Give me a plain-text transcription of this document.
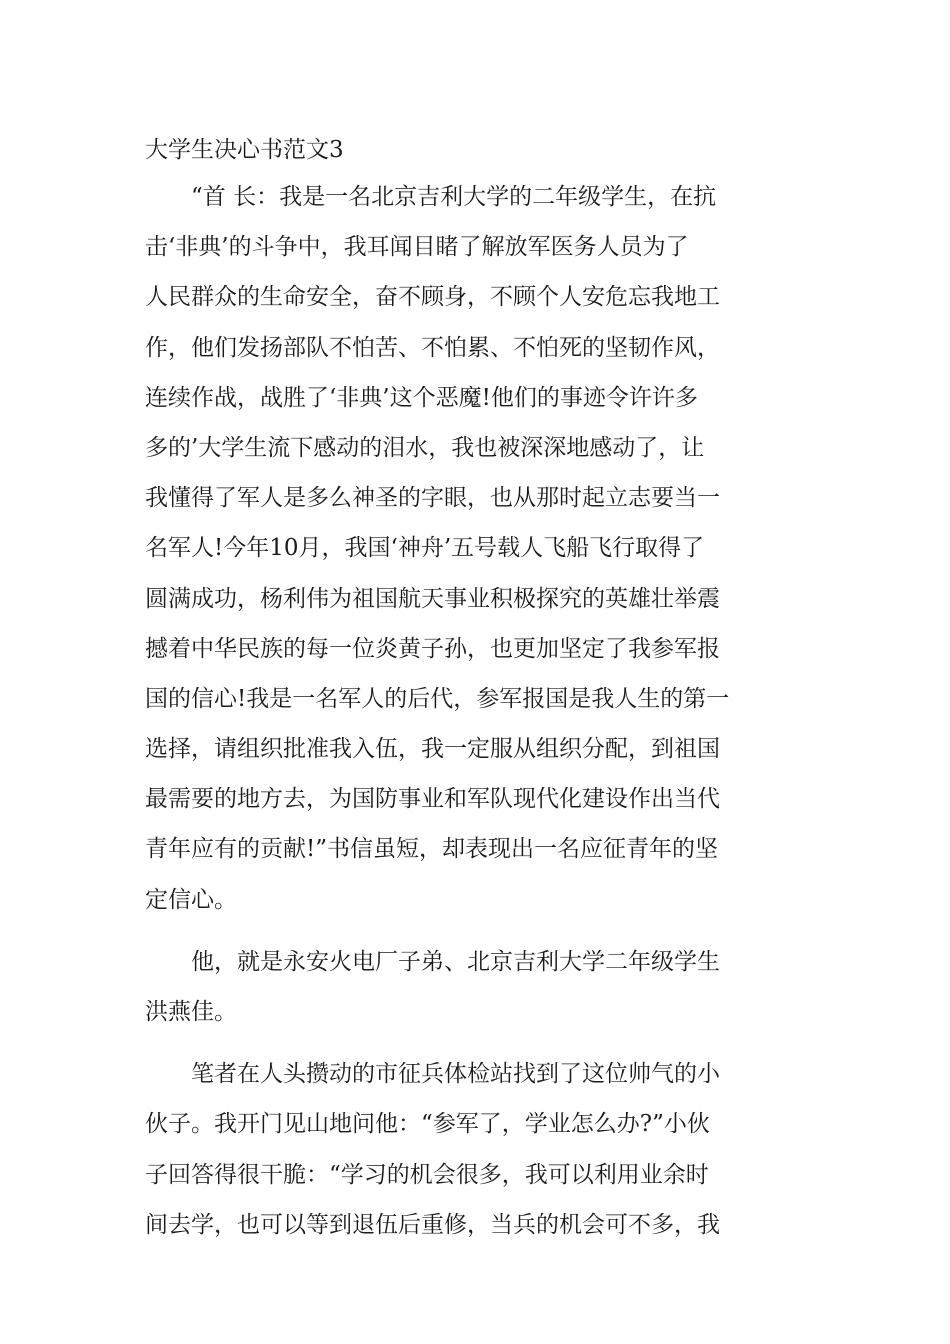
大学生决心书范文3
　　“首 长：我是一名北京吉利大学的二年级学生，在抗
击‘非典’的斗争中，我耳闻目睹了解放军医务人员为了
人民群众的生命安全，奋不顾身，不顾个人安危忘我地工
作，他们发扬部队不怕苦、不怕累、不怕死的坚韧作风，
连续作战，战胜了‘非典’这个恶魔!他们的事迹令许许多
多的’大学生流下感动的泪水，我也被深深地感动了，让
我懂得了军人是多么神圣的字眼，也从那时起立志要当一
名军人!今年10月，我国‘神舟’五号载人飞船飞行取得了
圆满成功，杨利伟为祖国航天事业积极探究的英雄壮举震
撼着中华民族的每一位炎黄子孙，也更加坚定了我参军报
国的信心!我是一名军人的后代，参军报国是我人生的第一
选择，请组织批准我入伍，我一定服从组织分配，到祖国
最需要的地方去，为国防事业和军队现代化建设作出当代
青年应有的贡献!”书信虽短，却表现出一名应征青年的坚
定信心。
　　他，就是永安火电厂子弟、北京吉利大学二年级学生
洪燕佳。
　　笔者在人头攒动的市征兵体检站找到了这位帅气的小
伙子。我开门见山地问他：“参军了，学业怎么办?”小伙
子回答得很干脆：“学习的机会很多，我可以利用业余时
间去学，也可以等到退伍后重修，当兵的机会可不多，我
